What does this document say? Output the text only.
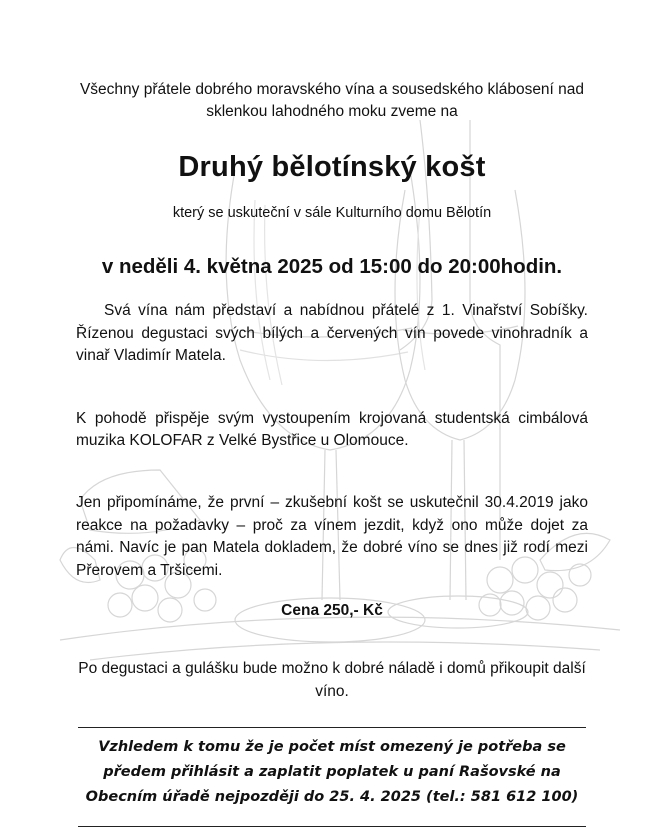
Všechny přátele dobrého moravského vína a sousedského klábosení nad sklenkou lahodného moku zveme na

Druhý bělotínský košt

který se uskuteční v sále Kulturního domu Bělotín

v neděli 4. května 2025 od 15:00 do 20:00hodin.

Svá vína nám představí a nabídnou přátelé z 1. Vinařství Sobíšky. Řízenou degustaci svých bílých a červených vín povede vinohradník a vinař Vladimír Matela.

K pohodě přispěje svým vystoupením krojovaná studentská cimbálová muzika KOLOFAR z Velké Bystřice u Olomouce.

Jen připomínáme, že první – zkušební košt se uskutečnil 30.4.2019 jako reakce na požadavky – proč za vínem jezdit, když ono může dojet za námi. Navíc je pan Matela dokladem, že dobré víno se dnes již rodí mezi Přerovem a Tršicemi.

Cena 250,- Kč

Po degustaci a gulášku bude možno k dobré náladě i domů přikoupit další víno.

Vzhledem k tomu že je počet míst omezený je potřeba se předem přihlásit a zaplatit poplatek u paní Rašovské na Obecním úřadě nejpozději do 25. 4. 2025 (tel.: 581 612 100)
